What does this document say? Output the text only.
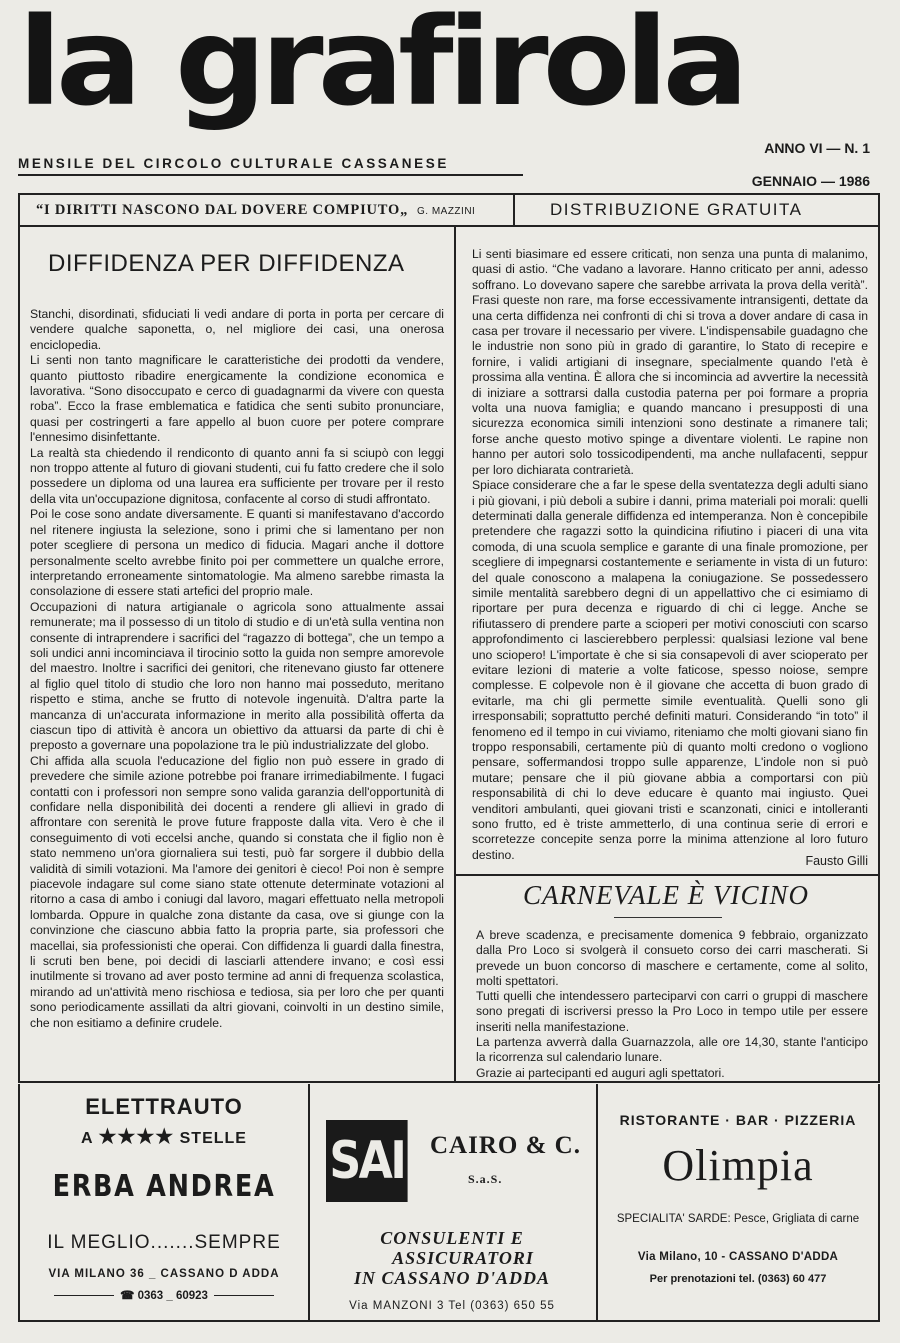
la grafirola
MENSILE DEL CIRCOLO CULTURALE CASSANESE
ANNO VI — N. 1
GENNAIO — 1986
“I DIRITTI NASCONO DAL DOVERE COMPIUTO„ G. MAZZINI	DISTRIBUZIONE GRATUITA
DIFFIDENZA PER DIFFIDENZA

Stanchi, disordinati, sfiduciati li vedi andare di porta in porta per cercare di vendere qualche saponetta, o, nel migliore dei casi, una onerosa enciclopedia.

Li senti non tanto magnificare le caratteristiche dei prodotti da vendere, quanto piuttosto ribadire energicamente la condizione economica e lavorativa. “Sono disoccupato e cerco di guadagnarmi da vivere con questa roba”. Ecco la frase emblematica e fatidica che senti subito pronunciare, quasi per costringerti a fare appello al buon cuore per potere comprare l'ennesimo disinfettante.

La realtà sta chiedendo il rendiconto di quanto anni fa si sciupò con leggi non troppo attente al futuro di giovani studenti, cui fu fatto credere che il solo possedere un diploma od una laurea era sufficiente per trovare per il resto della vita un'occupazione dignitosa, confacente al corso di studi affrontato.

Poi le cose sono andate diversamente. E quanti si manifestavano d'accordo nel ritenere ingiusta la selezione, sono i primi che si lamentano per non poter scegliere di persona un medico di fiducia. Magari anche il dottore personalmente scelto avrebbe finito poi per commettere un qualche errore, interpretando erroneamente sintomatologie. Ma almeno sarebbe rimasta la consolazione di essere stati artefici del proprio male.

Occupazioni di natura artigianale o agricola sono attualmente assai remunerate; ma il possesso di un titolo di studio e di un'età sulla ventina non consente di intraprendere i sacrifici del “ragazzo di bottega”, che un tempo a soli undici anni incominciava il tirocinio sotto la guida non sempre amorevole del maestro. Inoltre i sacrifici dei genitori, che ritenevano giusto far ottenere al figlio quel titolo di studio che loro non hanno mai posseduto, meritano rispetto e stima, anche se frutto di notevole ingenuità. D'altra parte la mancanza di un'accurata informazione in merito alla possibilità offerta da ciascun tipo di attività è ancora un obiettivo da attuarsi da parte di chi è preposto a governare una popolazione tra le più industrializzate del globo.

Chi affida alla scuola l'educazione del figlio non può essere in grado di prevedere che simile azione potrebbe poi franare irrimediabilmente. I fugaci contatti con i professori non sempre sono valida garanzia dell'opportunità di confidare nella disponibilità dei docenti a rendere gli allievi in grado di affrontare con serenità le prove future frapposte dalla vita. Vero è che il conseguimento di voti eccelsi anche, quando si constata che il figlio non è stato nemmeno un'ora giornaliera sui testi, può far sorgere il dubbio della validità di simili votazioni. Ma l'amore dei genitori è cieco! Poi non è sempre piacevole indagare sul come siano state ottenute determinate votazioni al ritorno a casa di ambo i coniugi dal lavoro, magari effettuato nella metropoli lombarda. Oppure in qualche zona distante da casa, ove si giunge con la convinzione che ciascuno abbia fatto la propria parte, sia professori che macellai, sia professionisti che operai. Con diffidenza li guardi dalla finestra, li scruti ben bene, poi decidi di lasciarli attendere invano; e così essi inutilmente si trovano ad aver posto termine ad anni di frequenza scolastica, mirando ad un'attività meno rischiosa e tediosa, sia per loro che per quanti sono periodicamente assillati da altri giovani, coinvolti in un destino simile, che non esitiamo a definire crudele.

Li senti biasimare ed essere criticati, non senza una punta di malanimo, quasi di astio. “Che vadano a lavorare. Hanno criticato per anni, adesso soffrano. Lo dovevano sapere che sarebbe arrivata la prova della verità”. Frasi queste non rare, ma forse eccessivamente intransigenti, dettate da una certa diffidenza nei confronti di chi si trova a dover andare di casa in casa per trovare il necessario per vivere. L'indispensabile guadagno che le industrie non sono più in grado di garantire, lo Stato di recepire e fornire, i validi artigiani di insegnare, specialmente quando l'età è prossima alla ventina. È allora che si incomincia ad avvertire la necessità di iniziare a sottrarsi dalla custodia paterna per poi formare a propria volta una nuova famiglia; e quando mancano i presupposti di una sicurezza economica simili intenzioni sono destinate a rimanere tali; forse anche questo motivo spinge a diventare violenti. Le rapine non hanno per autori solo tossicodipendenti, ma anche nullafacenti, seppur per loro dichiarata contrarietà.

Spiace considerare che a far le spese della sventatezza degli adulti siano i più giovani, i più deboli a subire i danni, prima materiali poi morali: quelli determinati dalla generale diffidenza ed intemperanza. Non è concepibile pretendere che ragazzi sotto la quindicina rifiutino i piaceri di una vita comoda, di una scuola semplice e garante di una finale promozione, per scegliere di impegnarsi costantemente e seriamente in vista di un futuro: del quale conoscono a malapena la coniugazione. Se possedessero simile mentalità sarebbero degni di un appellattivo che ci esimiamo di riportare per pura decenza e riguardo di chi ci legge. Anche se rifiutassero di prendere parte a scioperi per motivi conosciuti con scarso approfondimento ci lascierebbero perplessi: qualsiasi lezione val bene uno sciopero! L'importate è che si sia consapevoli di aver scioperato per evitare lezioni di materie a volte faticose, spesso noiose, sempre complesse. E colpevole non è il giovane che accetta di buon grado di evitarle, ma chi gli permette simile eventualità. Quelli sono gli irresponsabili; soprattutto perché definiti maturi. Considerando “in toto” il fenomeno ed il tempo in cui viviamo, riteniamo che molti giovani siano fin troppo responsabili, certamente più di quanto molti credono o vogliono pensare, soffermandosi troppo sulle apparenze, L'indole non si può mutare; pensare che il più giovane abbia a comportarsi con più responsabilità di chi lo deve educare è quanto mai ingiusto. Quei venditori ambulanti, quei giovani tristi e scanzonati, cinici e intolleranti sono frutto, ed è triste ammetterlo, di una continua serie di errori e scorretezze concepite senza porre la minima attenzione al loro futuro destino.	Fausto Gilli
CARNEVALE È VICINO

A breve scadenza, e precisamente domenica 9 febbraio, organizzato dalla Pro Loco si svolgerà il consueto corso dei carri mascherati. Si prevede un buon concorso di maschere e certamente, come al solito, molti spettatori.

Tutti quelli che intendessero parteciparvi con carri o gruppi di maschere sono pregati di iscriversi presso la Pro Loco in tempo utile per essere inseriti nella manifestazione.

La partenza avverrà dalla Guarnazzola, alle ore 14,30, stante l'anticipo la ricorrenza sul calendario lunare.

Grazie ai partecipanti ed auguri agli spettatori.

ELETTRAUTO
A ★★★★ STELLE
ERBA ANDREA
IL MEGLIO.......SEMPRE
VIA MILANO 36 _ CASSANO D ADDA
☎ 0363 _ 60923
SAI CAIRO & C.
S.a.S.
CONSULENTI E
ASSICURATORI
IN CASSANO D'ADDA
Via MANZONI 3 Tel (0363) 650 55
RISTORANTE · BAR · PIZZERIA
Olimpia
SPECIALITA' SARDE: Pesce, Grigliata di carne
Via Milano, 10 - CASSANO D'ADDA
Per prenotazioni tel. (0363) 60 477
